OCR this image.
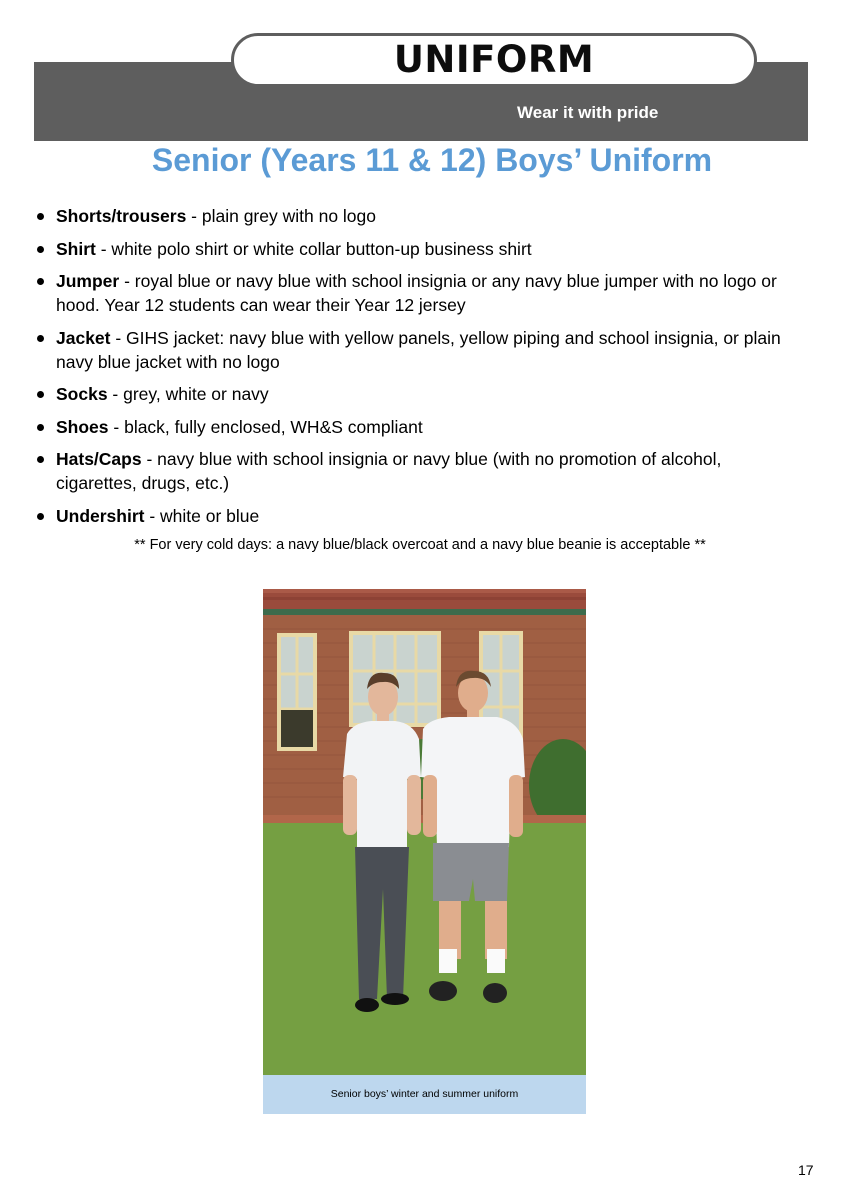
UNIFORM
Wear it with pride
Senior (Years 11 & 12) Boys’ Uniform
Shorts/trousers - plain grey with no logo
Shirt - white polo shirt or white collar button-up business shirt
Jumper - royal blue or navy blue with school insignia or any navy blue jumper with no logo or hood. Year 12 students can wear their Year 12 jersey
Jacket - GIHS jacket: navy blue with yellow panels, yellow piping and school insignia, or plain navy blue jacket with no logo
Socks - grey, white or navy
Shoes - black, fully enclosed, WH&S compliant
Hats/Caps - navy blue with school insignia or navy blue (with no promotion of alcohol, cigarettes, drugs, etc.)
Undershirt - white or blue
** For very cold days: a navy blue/black overcoat and a navy blue beanie is acceptable **
Senior boys’ winter and summer uniform
17
